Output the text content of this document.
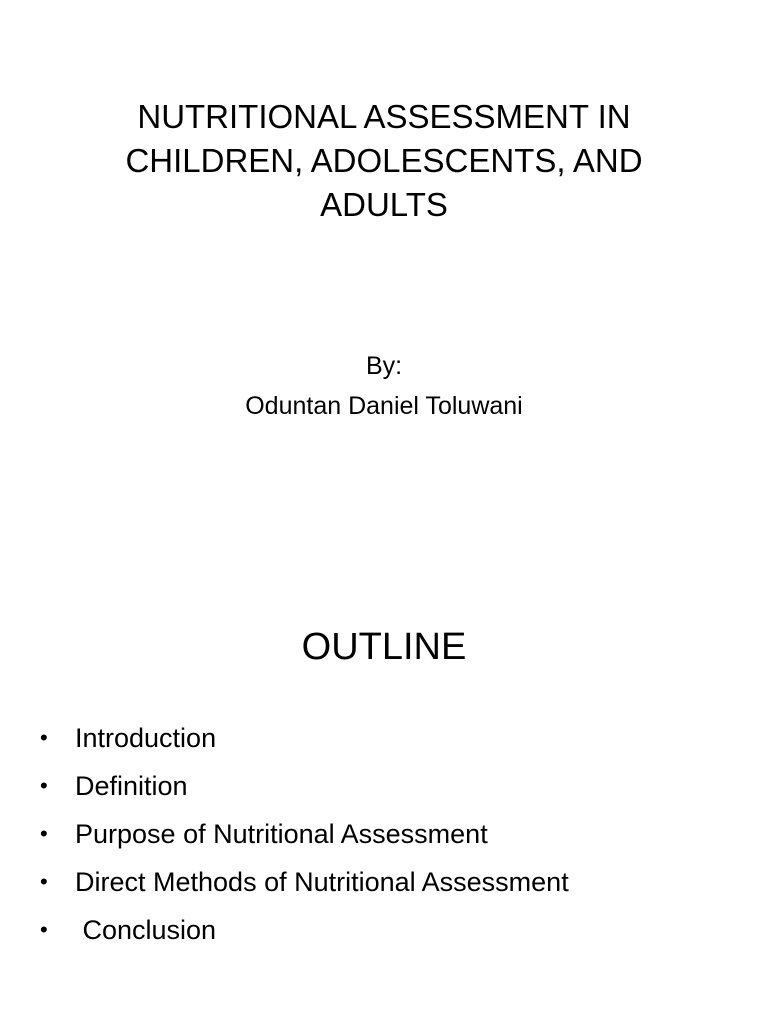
NUTRITIONAL ASSESSMENT IN
CHILDREN, ADOLESCENTS, AND
ADULTS
By:
Oduntan Daniel Toluwani
OUTLINE
•	Introduction
•	Definition
•	Purpose of Nutritional Assessment
•	Direct Methods of Nutritional Assessment
•	Conclusion
